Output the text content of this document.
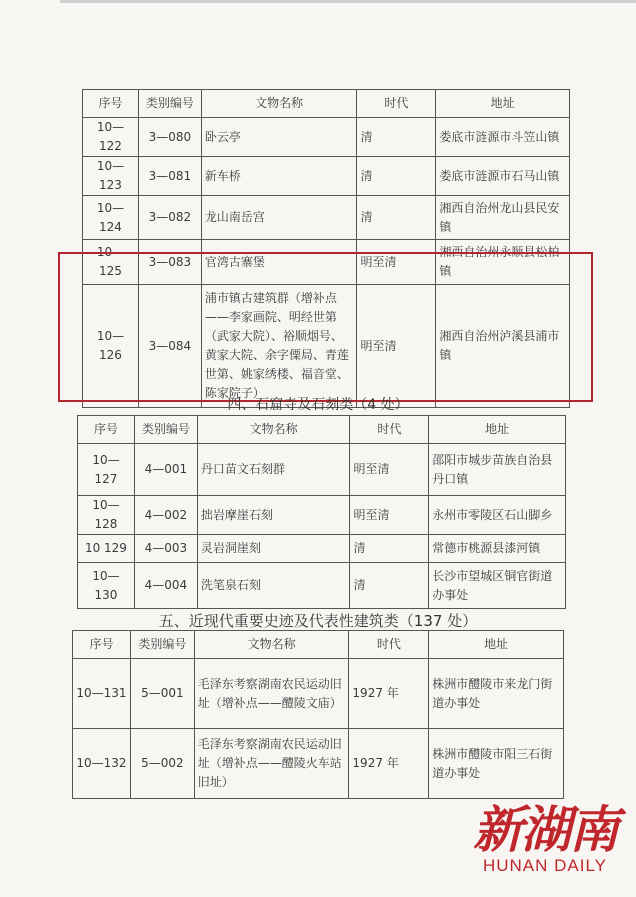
序号	类别编号	文物名称	时代	地址
10—122	3—080	卧云亭	清	娄底市涟源市斗笠山镇
10—123	3—081	新车桥	清	娄底市涟源市石马山镇
10—124	3—082	龙山南岳宫	清	湘西自治州龙山县民安镇
10—125	3—083	官湾古寨堡	明至清	湘西自治州永顺县松柏镇
10—126	3—084	浦市镇古建筑群（增补点——李家画院、明经世第（武家大院）、裕顺烟号、黄家大院、余字傈局、青莲世第、姚家绣楼、福音堂、陈家院子）	明至清	湘西自治州泸溪县浦市镇
四、石窟寺及石刻类（4 处）
序号	类别编号	文物名称	时代	地址
10—127	4—001	丹口苗文石刻群	明至清	邵阳市城步苗族自治县丹口镇
10—128	4—002	拙岩摩崖石刻	明至清	永州市零陵区石山脚乡
10 129	4—003	灵岩洞崖刻	清	常德市桃源县漆河镇
10—130	4—004	洗笔泉石刻	清	长沙市望城区铜官街道办事处
五、近现代重要史迹及代表性建筑类（137 处）
序号	类别编号	文物名称	时代	地址
10—131	5—001	毛泽东考察湖南农民运动旧址（增补点——醴陵文庙）	1927 年	株洲市醴陵市来龙门街道办事处
10—132	5—002	毛泽东考察湖南农民运动旧址（增补点——醴陵火车站旧址）	1927 年	株洲市醴陵市阳三石街道办事处
新湖南
HUNAN DAILY
